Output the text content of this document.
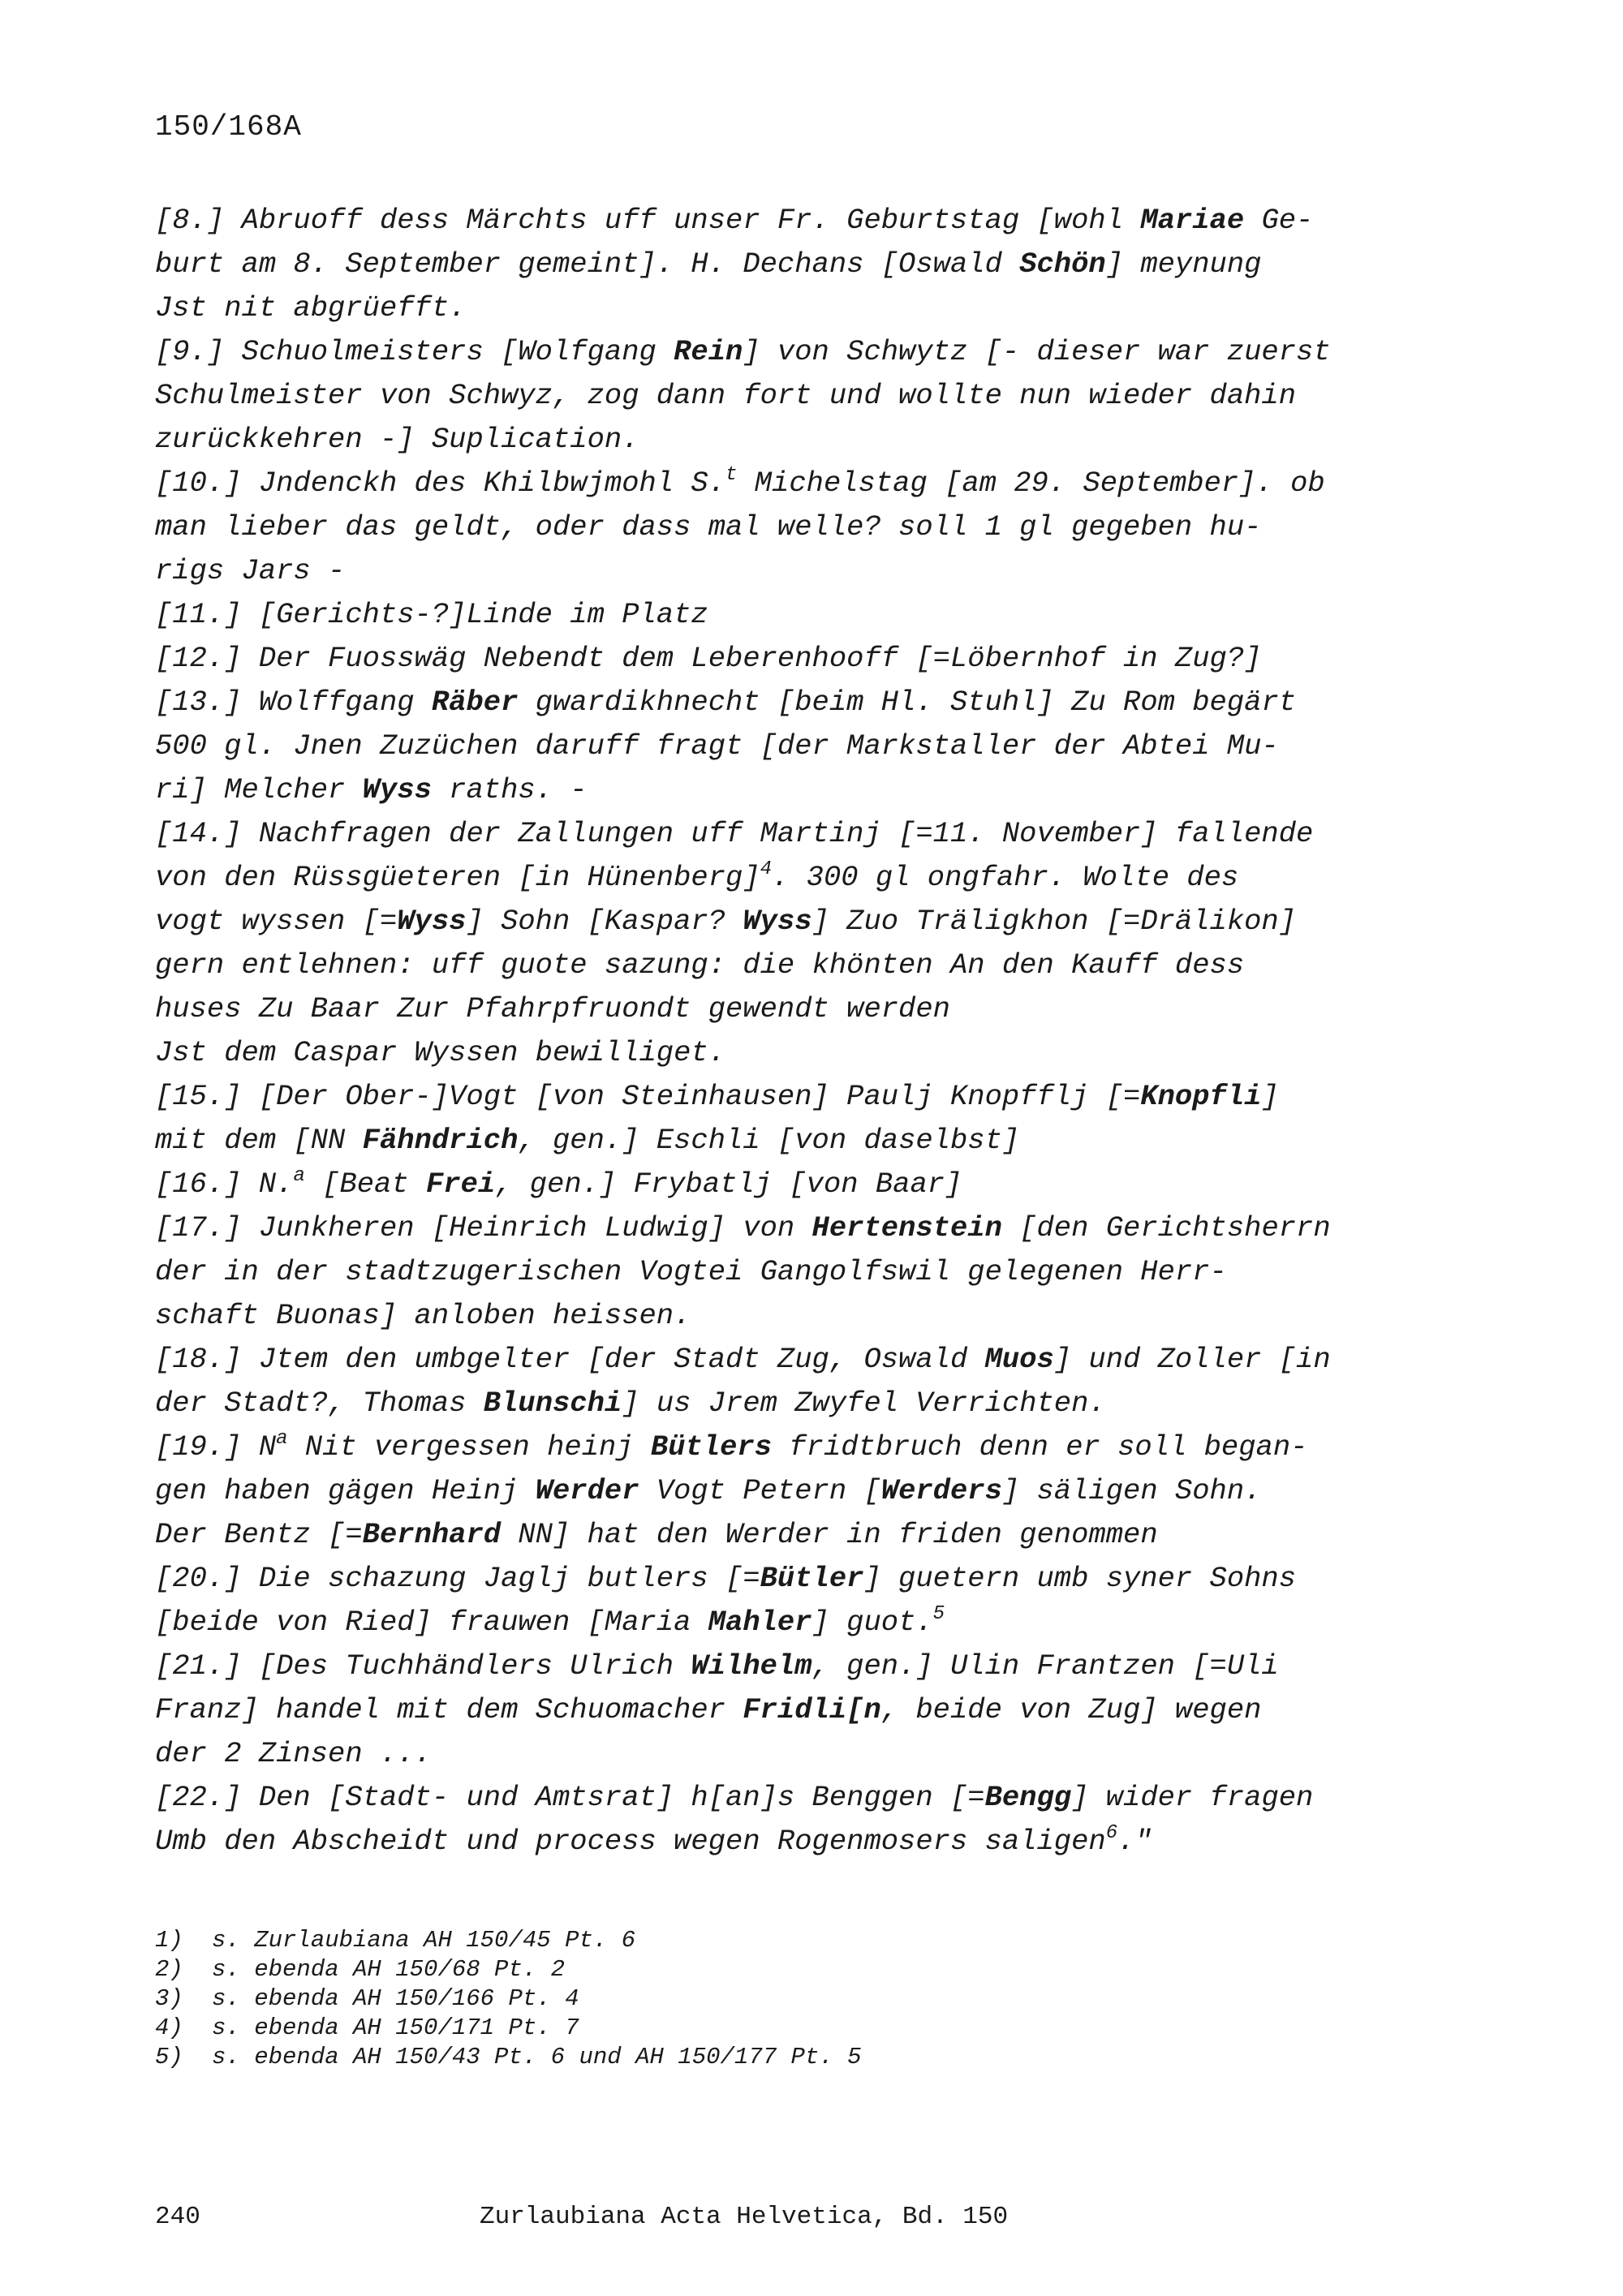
150/168A
[8.] Abruoff dess Märchts uff unser Fr. Geburtstag [wohl Mariae Ge-
burt am 8. September gemeint]. H. Dechans [Oswald Schön] meynung
Jst nit abgrüefft.
[9.] Schuolmeisters [Wolfgang Rein] von Schwytz [- dieser war zuerst
Schulmeister von Schwyz, zog dann fort und wollte nun wieder dahin
zurückkehren -] Suplication.
[10.] Jndenckh des Khilbwjmohl S.$^t$ Michelstag [am 29. September]. ob
man lieber das geldt, oder dass mal welle? soll 1 gl gegeben hu-
rigs Jars -
[11.] [Gerichts-?]Linde im Platz
[12.] Der Fuosswäg Nebendt dem Leberenhooff [=Löbernhof in Zug?]
[13.] Wolffgang Räber gwardikhnecht [beim Hl. Stuhl] Zu Rom begärt
500 gl. Jnen Zuzüchen daruff fragt [der Markstaller der Abtei Mu-
ri] Melcher Wyss raths. -
[14.] Nachfragen der Zallungen uff Martinj [=11. November] fallende
von den Rüssgüeteren [in Hünenberg]$^4$. 300 gl ongfahr. Wolte des
vogt wyssen [=Wyss] Sohn [Kaspar? Wyss] Zuo Träligkhon [=Drälikon]
gern entlehnen: uff guote sazung: die khönten An den Kauff dess
huses Zu Baar Zur Pfahrpfruondt gewendt werden
Jst dem Caspar Wyssen bewilliget.
[15.] [Der Ober-]Vogt [von Steinhausen] Paulj Knopfflj [=Knopfli]
mit dem [NN Fähndrich, gen.] Eschli [von daselbst]
[16.] N.$^a$ [Beat Frei, gen.] Frybatlj [von Baar]
[17.] Junkheren [Heinrich Ludwig] von Hertenstein [den Gerichtsherrn
der in der stadtzugerischen Vogtei Gangolfswil gelegenen Herr-
schaft Buonas] anloben heissen.
[18.] Jtem den umbgelter [der Stadt Zug, Oswald Muos] und Zoller [in
der Stadt?, Thomas Blunschi] us Jrem Zwyfel Verrichten.
[19.] $N^a$ Nit vergessen heinj Bütlers fridtbruch denn er soll began-
gen haben gägen Heinj Werder Vogt Petern [Werders] säligen Sohn.
Der Bentz [=Bernhard NN] hat den Werder in friden genommen
[20.] Die schazung Jaglj butlers [=Bütler] guetern umb syner Sohns
[beide von Ried] frauwen [Maria Mahler] guot.$^5$
[21.] [Des Tuchhändlers Ulrich Wilhelm, gen.] Ulin Frantzen [=Uli
Franz] handel mit dem Schuomacher Fridli[n, beide von Zug] wegen
der 2 Zinsen ...
[22.] Den [Stadt- und Amtsrat] h[an]s Benggen [=Bengg] wider fragen
Umb den Abscheidt und process wegen Rogenmosers saligen$^6$."
1) s. Zurlaubiana AH 150/45 Pt. 6
2) s. ebenda AH 150/68 Pt. 2
3) s. ebenda AH 150/166 Pt. 4
4) s. ebenda AH 150/171 Pt. 7
5) s. ebenda AH 150/43 Pt. 6 und AH 150/177 Pt. 5
240	Zurlaubiana Acta Helvetica, Bd. 150
